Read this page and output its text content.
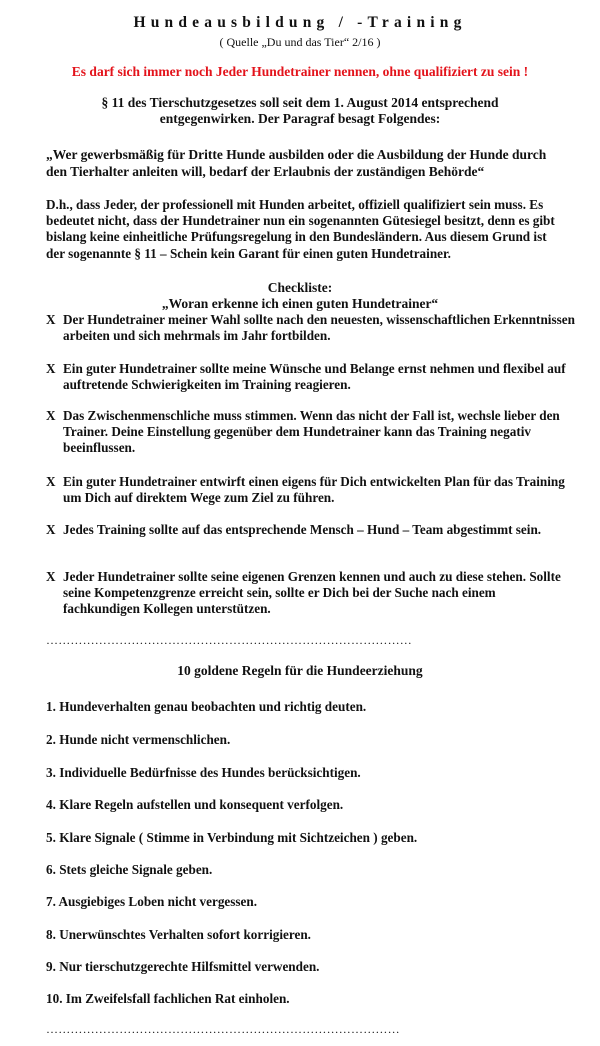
Hundeausbildung / -Training
( Quelle „Du und das Tier“ 2/16 )
Es darf sich immer noch Jeder Hundetrainer nennen, ohne qualifiziert zu sein !
§ 11 des Tierschutzgesetzes soll seit dem 1. August 2014 entsprechend
entgegenwirken. Der Paragraf besagt Folgendes:
„Wer gewerbsmäßig für Dritte Hunde ausbilden oder die Ausbildung der Hunde durch den Tierhalter anleiten will, bedarf der Erlaubnis der zuständigen Behörde“
D.h., dass Jeder, der professionell mit Hunden arbeitet, offiziell qualifiziert sein muss. Es bedeutet nicht, dass der Hundetrainer nun ein sogenannten Gütesiegel besitzt, denn es gibt bislang keine einheitliche Prüfungsregelung in den Bundesländern. Aus diesem Grund ist der sogenannte § 11 – Schein kein Garant für einen guten Hundetrainer.
Checkliste:
„Woran erkenne ich einen guten Hundetrainer“
X Der Hundetrainer meiner Wahl sollte nach den neuesten, wissenschaftlichen Erkenntnissen arbeiten und sich mehrmals im Jahr fortbilden.
X Ein guter Hundetrainer sollte meine Wünsche und Belange ernst nehmen und flexibel auf auftretende Schwierigkeiten im Training reagieren.
X Das Zwischenmenschliche muss stimmen. Wenn das nicht der Fall ist, wechsle lieber den Trainer. Deine Einstellung gegenüber dem Hundetrainer kann das Training negativ beeinflussen.
X Ein guter Hundetrainer entwirft einen eigens für Dich entwickelten Plan für das Training um Dich auf direktem Wege zum Ziel zu führen.
X Jedes Training sollte auf das entsprechende Mensch – Hund – Team abgestimmt sein.
X Jeder Hundetrainer sollte seine eigenen Grenzen kennen und auch zu diese stehen. Sollte seine Kompetenzgrenze erreicht sein, sollte er Dich bei der Suche nach einem fachkundigen Kollegen unterstützen.
………………………………………………………………………………
10 goldene Regeln für die Hundeerziehung
1. Hundeverhalten genau beobachten und richtig deuten.
2. Hunde nicht vermenschlichen.
3. Individuelle Bedürfnisse des Hundes berücksichtigen.
4. Klare Regeln aufstellen und konsequent verfolgen.
5. Klare Signale ( Stimme in Verbindung mit Sichtzeichen ) geben.
6. Stets gleiche Signale geben.
7. Ausgiebiges Loben nicht vergessen.
8. Unerwünschtes Verhalten sofort korrigieren.
9. Nur tierschutzgerechte Hilfsmittel verwenden.
10. Im Zweifelsfall fachlichen Rat einholen.
……………………………………………………………………………
